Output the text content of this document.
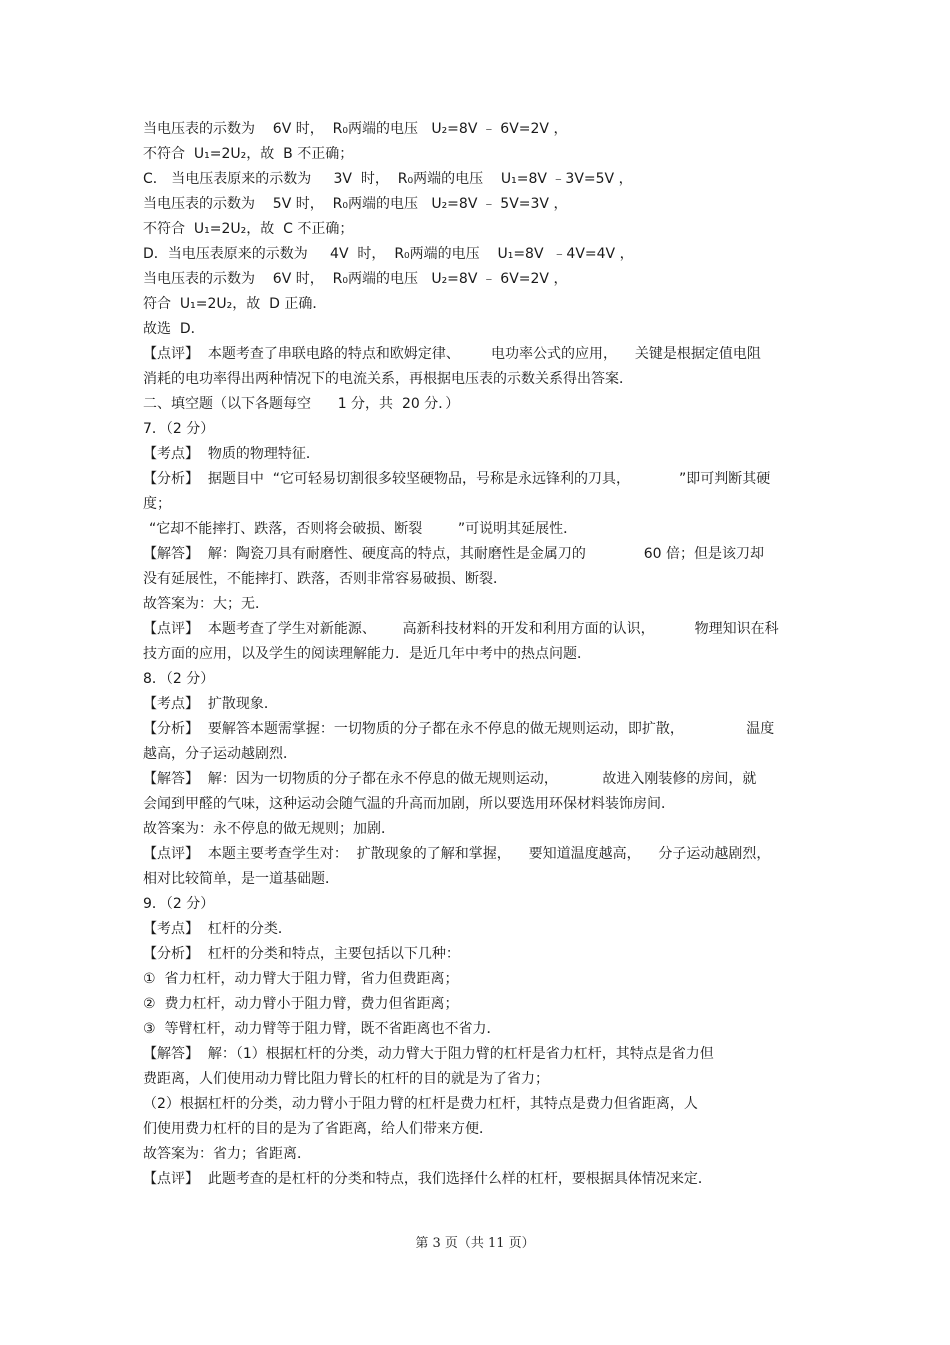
当电压表的示数为    6V 时，  R₀两端的电压   U₂=8V ﹣ 6V=2V ，
不符合  U₁=2U₂，故  B 不正确；
C． 当电压表原来的示数为     3V  时，  R₀两端的电压    U₁=8V ﹣3V=5V ，
当电压表的示数为    5V 时，  R₀两端的电压   U₂=8V ﹣ 5V=3V ，
不符合  U₁=2U₂，故  C 不正确；
D．当电压表原来的示数为     4V  时，  R₀两端的电压    U₁=8V  ﹣4V=4V ，
当电压表的示数为    6V 时，  R₀两端的电压   U₂=8V ﹣ 6V=2V ，
符合  U₁=2U₂，故  D 正确．
故选  D．
【点评】  本题考查了串联电路的特点和欧姆定律、       电功率公式的应用，    关键是根据定值电阻
消耗的电功率得出两种情况下的电流关系，再根据电压表的示数关系得出答案．
二、填空题（以下各题每空      1 分，共  20 分．）
7．（2 分）
【考点】  物质的物理特征．
【分析】  据题目中  “它可轻易切割很多较坚硬物品，号称是永远锋利的刀具，           ”即可判断其硬
度；
“它却不能摔打、跌落，否则将会破损、断裂        ”可说明其延展性．
【解答】  解：陶瓷刀具有耐磨性、硬度高的特点，其耐磨性是金属刀的             60 倍；但是该刀却
没有延展性，不能摔打、跌落，否则非常容易破损、断裂．
故答案为：大；无．
【点评】  本题考查了学生对新能源、      高新科技材料的开发和利用方面的认识，         物理知识在科
技方面的应用，以及学生的阅读理解能力．是近几年中考中的热点问题．
8．（2 分）
【考点】  扩散现象．
【分析】  要解答本题需掌握：一切物质的分子都在永不停息的做无规则运动，即扩散，              温度
越高，分子运动越剧烈．
【解答】  解：因为一切物质的分子都在永不停息的做无规则运动，          故进入刚装修的房间，就
会闻到甲醛的气味，这种运动会随气温的升高而加剧，所以要选用环保材料装饰房间．
故答案为：永不停息的做无规则；加剧．
【点评】  本题主要考查学生对：  扩散现象的了解和掌握，    要知道温度越高，    分子运动越剧烈，
相对比较简单，是一道基础题．
9．（2 分）
【考点】  杠杆的分类．
【分析】  杠杆的分类和特点，主要包括以下几种：
①  省力杠杆，动力臂大于阻力臂，省力但费距离；
②  费力杠杆，动力臂小于阻力臂，费力但省距离；
③  等臂杠杆，动力臂等于阻力臂，既不省距离也不省力．
【解答】  解：（1）根据杠杆的分类，动力臂大于阻力臂的杠杆是省力杠杆，其特点是省力但
费距离，人们使用动力臂比阻力臂长的杠杆的目的就是为了省力；
（2）根据杠杆的分类，动力臂小于阻力臂的杠杆是费力杠杆，其特点是费力但省距离，人
们使用费力杠杆的目的是为了省距离，给人们带来方便．
故答案为：省力；省距离．
【点评】  此题考查的是杠杆的分类和特点，我们选择什么样的杠杆，要根据具体情况来定．
第 3 页（共 11 页）
